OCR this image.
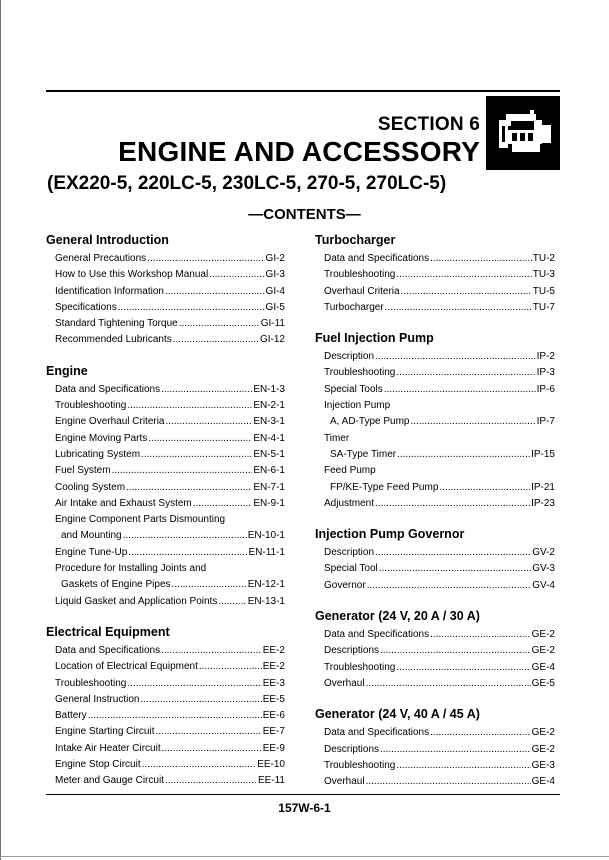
SECTION 6
ENGINE AND ACCESSORY
(EX220-5, 220LC-5, 230LC-5, 270-5, 270LC-5)
—CONTENTS—
General Introduction
General Precautions .....	GI-2
How to Use this Workshop Manual .....	GI-3
Identification Information .....	GI-4
Specifications .....	GI-5
Standard Tightening Torque .....	GI-11
Recommended Lubricants .....	GI-12
Engine
Data and Specifications .....	EN-1-3
Troubleshooting .....	EN-2-1
Engine Overhaul Criteria .....	EN-3-1
Engine Moving Parts .....	EN-4-1
Lubricating System .....	EN-5-1
Fuel System .....	EN-6-1
Cooling System .....	EN-7-1
Air Intake and Exhaust System .....	EN-9-1
Engine Component Parts Dismounting
and Mounting .....	EN-10-1
Engine Tune-Up .....	EN-11-1
Procedure for Installing Joints and
Gaskets of Engine Pipes .....	EN-12-1
Liquid Gasket and Application Points .....	EN-13-1
Electrical Equipment
Data and Specifications .....	EE-2
Location of Electrical Equipment .....	EE-2
Troubleshooting .....	EE-3
General Instruction .....	EE-5
Battery .....	EE-6
Engine Starting Circuit .....	EE-7
Intake Air Heater Circuit .....	EE-9
Engine Stop Circuit .....	EE-10
Meter and Gauge Circuit .....	EE-11
Turbocharger
Data and Specifications .....	TU-2
Troubleshooting .....	TU-3
Overhaul Criteria .....	TU-5
Turbocharger .....	TU-7
Fuel Injection Pump
Description .....	IP-2
Troubleshooting .....	IP-3
Special Tools .....	IP-6
Injection Pump
A, AD-Type Pump .....	IP-7
Timer
SA-Type Timer .....	IP-15
Feed Pump
FP/KE-Type Feed Pump .....	IP-21
Adjustment .....	IP-23
Injection Pump Governor
Description .....	GV-2
Special Tool .....	GV-3
Governor .....	GV-4
Generator (24 V, 20 A / 30 A)
Data and Specifications .....	GE-2
Descriptions .....	GE-2
Troubleshooting .....	GE-4
Overhaul .....	GE-5
Generator (24 V, 40 A / 45 A)
Data and Specifications .....	GE-2
Descriptions .....	GE-2
Troubleshooting .....	GE-3
Overhaul .....	GE-4
157W-6-1
